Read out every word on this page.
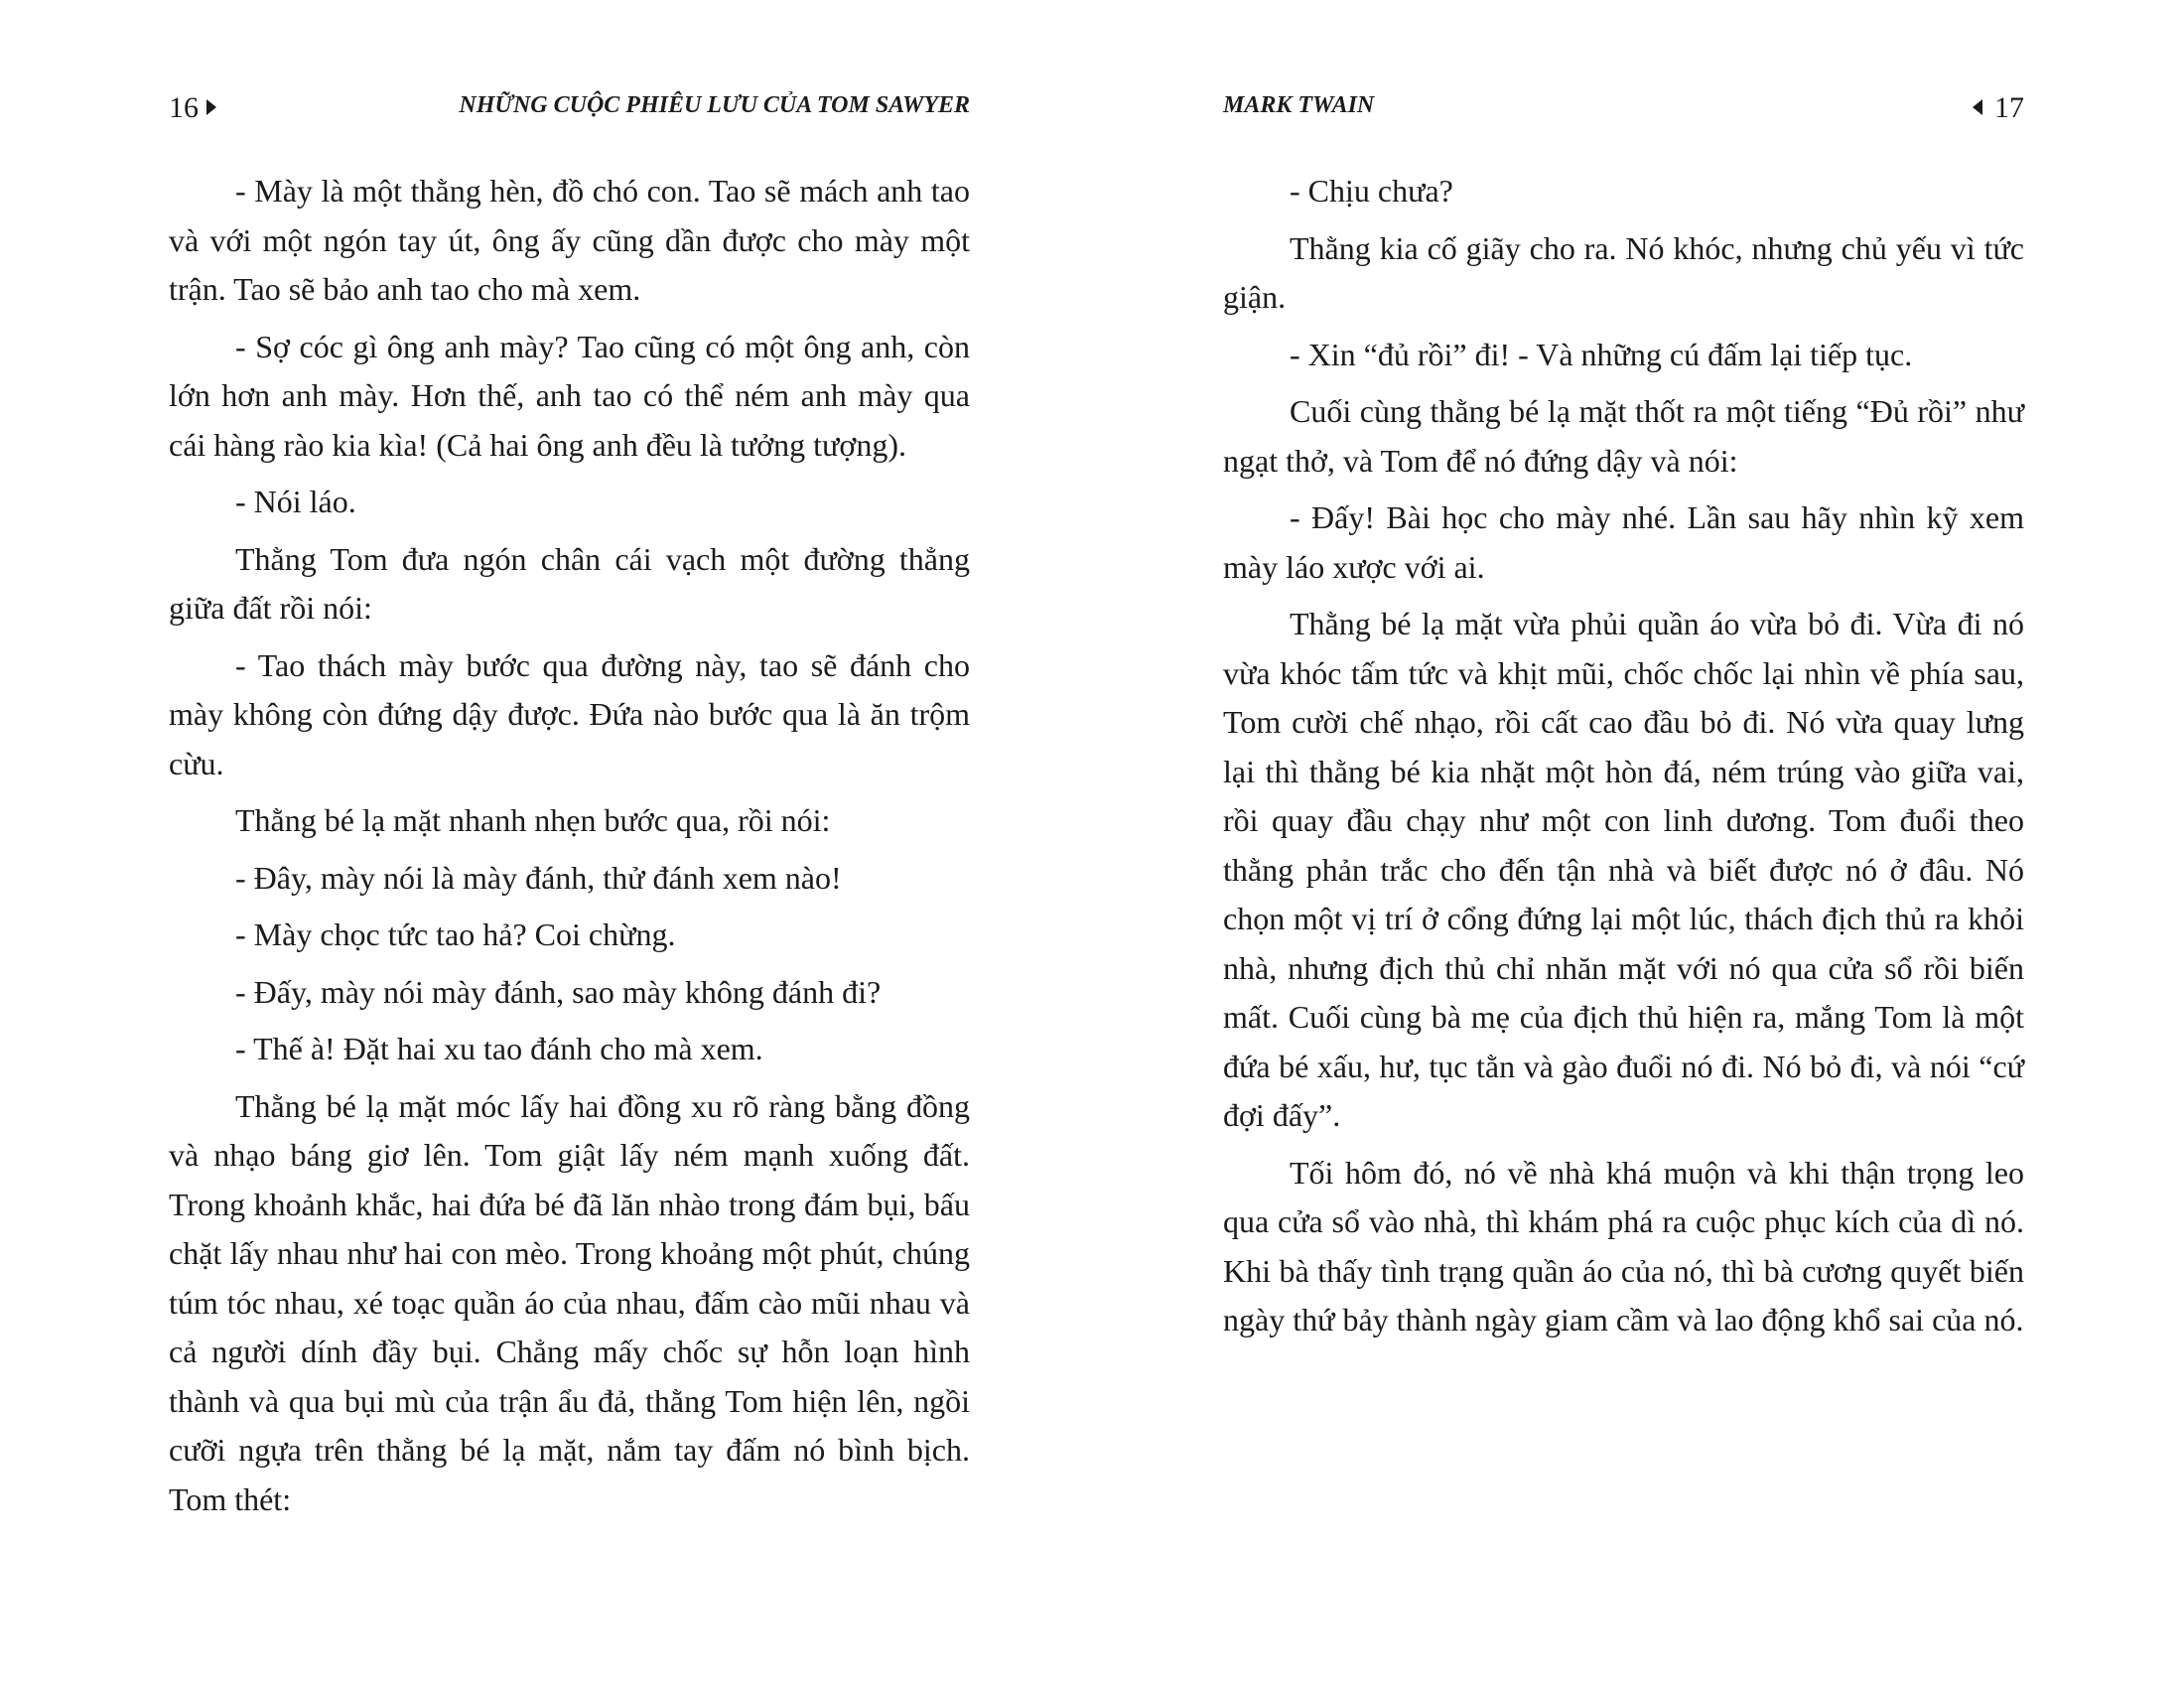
16	NHỮNG CUỘC PHIÊU LƯU CỦA TOM SAWYER

- Mày là một thằng hèn, đồ chó con. Tao sẽ mách anh tao và với một ngón tay út, ông ấy cũng dần được cho mày một trận. Tao sẽ bảo anh tao cho mà xem.

- Sợ cóc gì ông anh mày? Tao cũng có một ông anh, còn lớn hơn anh mày. Hơn thế, anh tao có thể ném anh mày qua cái hàng rào kia kìa! (Cả hai ông anh đều là tưởng tượng).

- Nói láo.

Thằng Tom đưa ngón chân cái vạch một đường thẳng giữa đất rồi nói:

- Tao thách mày bước qua đường này, tao sẽ đánh cho mày không còn đứng dậy được. Đứa nào bước qua là ăn trộm cừu.

Thằng bé lạ mặt nhanh nhẹn bước qua, rồi nói:

- Đây, mày nói là mày đánh, thử đánh xem nào!

- Mày chọc tức tao hả? Coi chừng.

- Đấy, mày nói mày đánh, sao mày không đánh đi?

- Thế à! Đặt hai xu tao đánh cho mà xem.

Thằng bé lạ mặt móc lấy hai đồng xu rõ ràng bằng đồng và nhạo báng giơ lên. Tom giật lấy ném mạnh xuống đất. Trong khoảnh khắc, hai đứa bé đã lăn nhào trong đám bụi, bấu chặt lấy nhau như hai con mèo. Trong khoảng một phút, chúng túm tóc nhau, xé toạc quần áo của nhau, đấm cào mũi nhau và cả người dính đầy bụi. Chẳng mấy chốc sự hỗn loạn hình thành và qua bụi mù của trận ẩu đả, thằng Tom hiện lên, ngồi cưỡi ngựa trên thằng bé lạ mặt, nắm tay đấm nó bình bịch. Tom thét:

MARK TWAIN	17

- Chịu chưa?

Thằng kia cố giãy cho ra. Nó khóc, nhưng chủ yếu vì tức giận.

- Xin “đủ rồi” đi! - Và những cú đấm lại tiếp tục.

Cuối cùng thằng bé lạ mặt thốt ra một tiếng “Đủ rồi” như ngạt thở, và Tom để nó đứng dậy và nói:

- Đấy! Bài học cho mày nhé. Lần sau hãy nhìn kỹ xem mày láo xược với ai.

Thằng bé lạ mặt vừa phủi quần áo vừa bỏ đi. Vừa đi nó vừa khóc tấm tức và khịt mũi, chốc chốc lại nhìn về phía sau, Tom cười chế nhạo, rồi cất cao đầu bỏ đi. Nó vừa quay lưng lại thì thằng bé kia nhặt một hòn đá, ném trúng vào giữa vai, rồi quay đầu chạy như một con linh dương. Tom đuổi theo thằng phản trắc cho đến tận nhà và biết được nó ở đâu. Nó chọn một vị trí ở cổng đứng lại một lúc, thách địch thủ ra khỏi nhà, nhưng địch thủ chỉ nhăn mặt với nó qua cửa sổ rồi biến mất. Cuối cùng bà mẹ của địch thủ hiện ra, mắng Tom là một đứa bé xấu, hư, tục tằn và gào đuổi nó đi. Nó bỏ đi, và nói “cứ đợi đấy”.

Tối hôm đó, nó về nhà khá muộn và khi thận trọng leo qua cửa sổ vào nhà, thì khám phá ra cuộc phục kích của dì nó. Khi bà thấy tình trạng quần áo của nó, thì bà cương quyết biến ngày thứ bảy thành ngày giam cầm và lao động khổ sai của nó.
